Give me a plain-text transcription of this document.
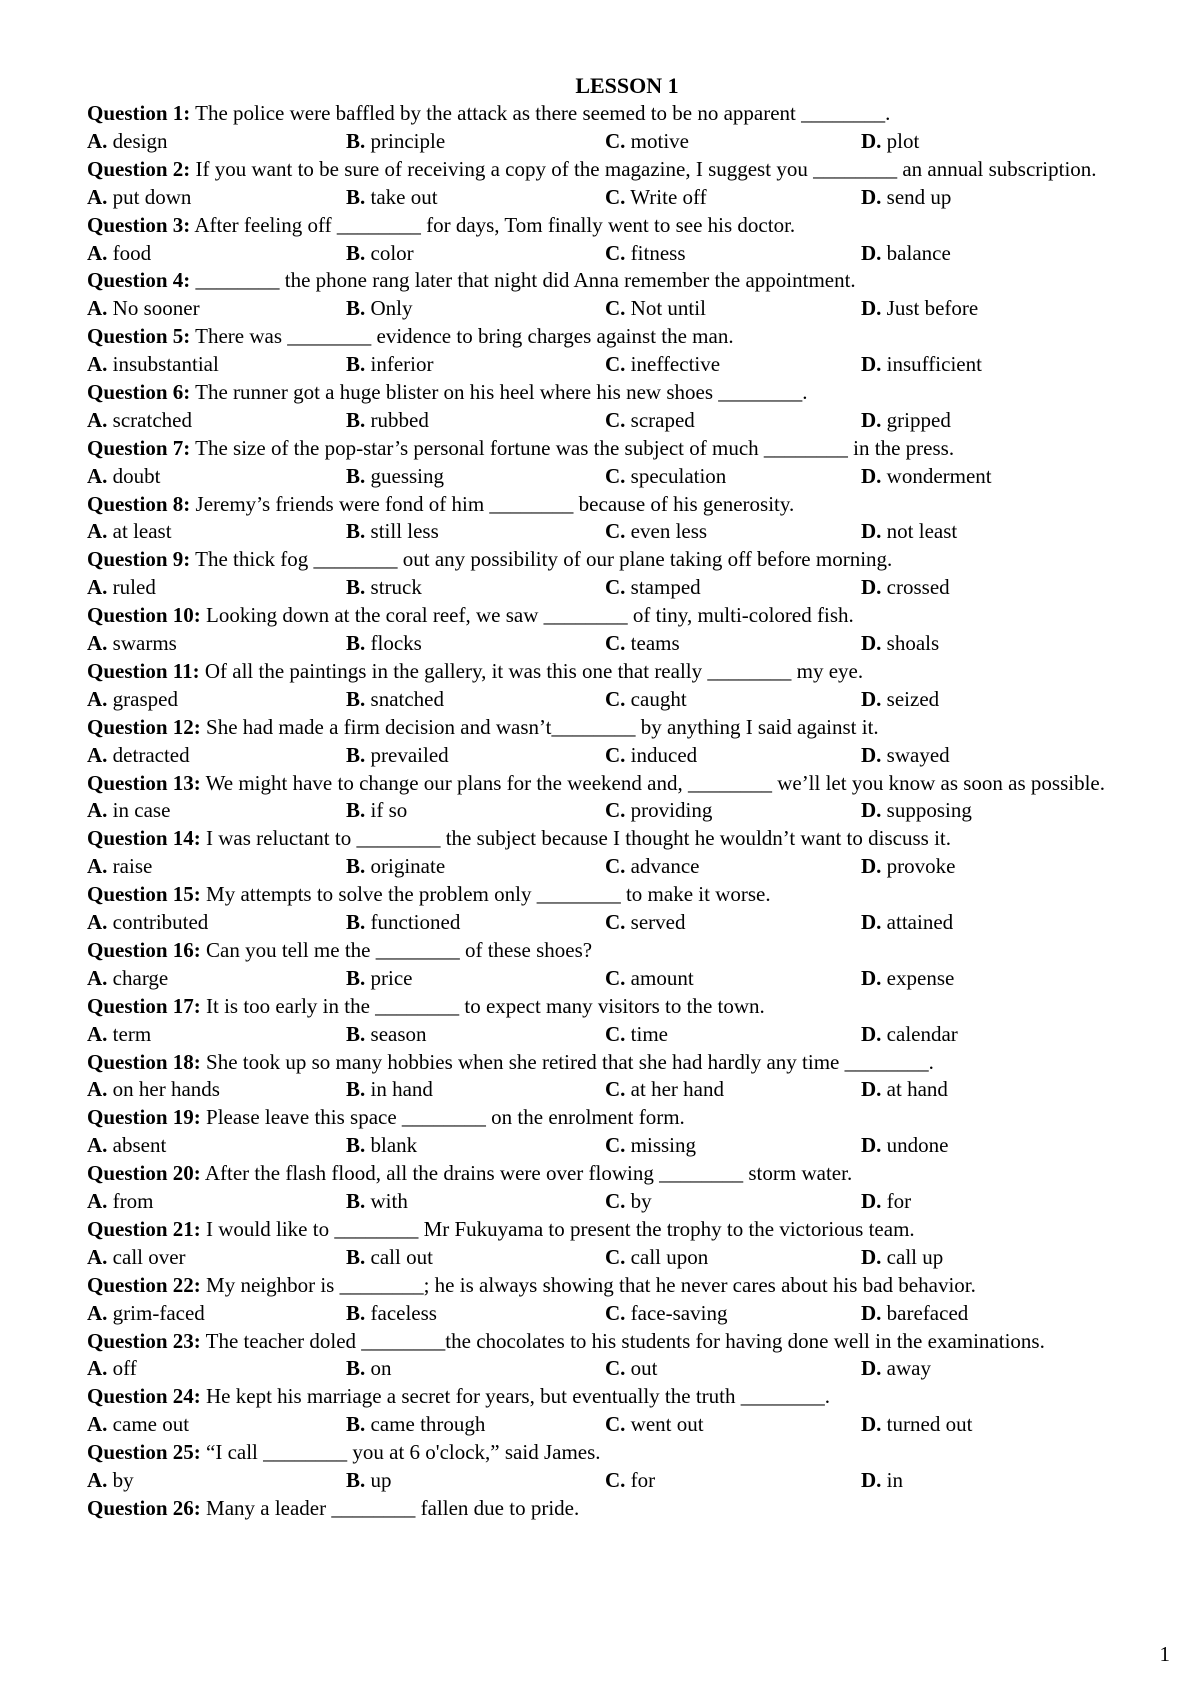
LESSON 1

Question 1: The police were baffled by the attack as there seemed to be no apparent ________.

A. design	B. principle	C. motive	D. plot

Question 2: If you want to be sure of receiving a copy of the magazine, I suggest you ________ an annual subscription.

A. put down	B. take out	C. Write off	D. send up

Question 3: After feeling off ________ for days, Tom finally went to see his doctor.

A. food	B. color	C. fitness	D. balance

Question 4: ________ the phone rang later that night did Anna remember the appointment.

A. No sooner	B. Only	C. Not until	D. Just before

Question 5: There was ________ evidence to bring charges against the man.

A. insubstantial	B. inferior	C. ineffective	D. insufficient

Question 6: The runner got a huge blister on his heel where his new shoes ________.

A. scratched	B. rubbed	C. scraped	D. gripped

Question 7: The size of the pop-star’s personal fortune was the subject of much ________ in the press.

A. doubt	B. guessing	C. speculation	D. wonderment

Question 8: Jeremy’s friends were fond of him ________ because of his generosity.

A. at least	B. still less	C. even less	D. not least

Question 9: The thick fog ________ out any possibility of our plane taking off before morning.

A. ruled	B. struck	C. stamped	D. crossed

Question 10: Looking down at the coral reef, we saw ________ of tiny, multi-colored fish.

A. swarms	B. flocks	C. teams	D. shoals

Question 11: Of all the paintings in the gallery, it was this one that really ________ my eye.

A. grasped	B. snatched	C. caught	D. seized

Question 12: She had made a firm decision and wasn’t________ by anything I said against it.

A. detracted	B. prevailed	C. induced	D. swayed

Question 13: We might have to change our plans for the weekend and, ________ we’ll let you know as soon as possible.

A. in case	B. if so	C. providing	D. supposing

Question 14: I was reluctant to ________ the subject because I thought he wouldn’t want to discuss it.

A. raise	B. originate	C. advance	D. provoke

Question 15: My attempts to solve the problem only ________ to make it worse.

A. contributed	B. functioned	C. served	D. attained

Question 16: Can you tell me the ________ of these shoes?

A. charge	B. price	C. amount	D. expense

Question 17: It is too early in the ________ to expect many visitors to the town.

A. term	B. season	C. time	D. calendar

Question 18: She took up so many hobbies when she retired that she had hardly any time ________.

A. on her hands	B. in hand	C. at her hand	D. at hand

Question 19: Please leave this space ________ on the enrolment form.

A. absent	B. blank	C. missing	D. undone

Question 20: After the flash flood, all the drains were over flowing ________ storm water.

A. from	B. with	C. by	D. for

Question 21: I would like to ________ Mr Fukuyama to present the trophy to the victorious team.

A. call over	B. call out	C. call upon	D. call up

Question 22: My neighbor is ________; he is always showing that he never cares about his bad behavior.

A. grim-faced	B. faceless	C. face-saving	D. barefaced

Question 23: The teacher doled ________the chocolates to his students for having done well in the examinations.

A. off	B. on	C. out	D. away

Question 24: He kept his marriage a secret for years, but eventually the truth ________.

A. came out	B. came through	C. went out	D. turned out

Question 25: “I call ________ you at 6 o'clock,” said James.

A. by	B. up	C. for	D. in

Question 26: Many a leader ________ fallen due to pride.

1
